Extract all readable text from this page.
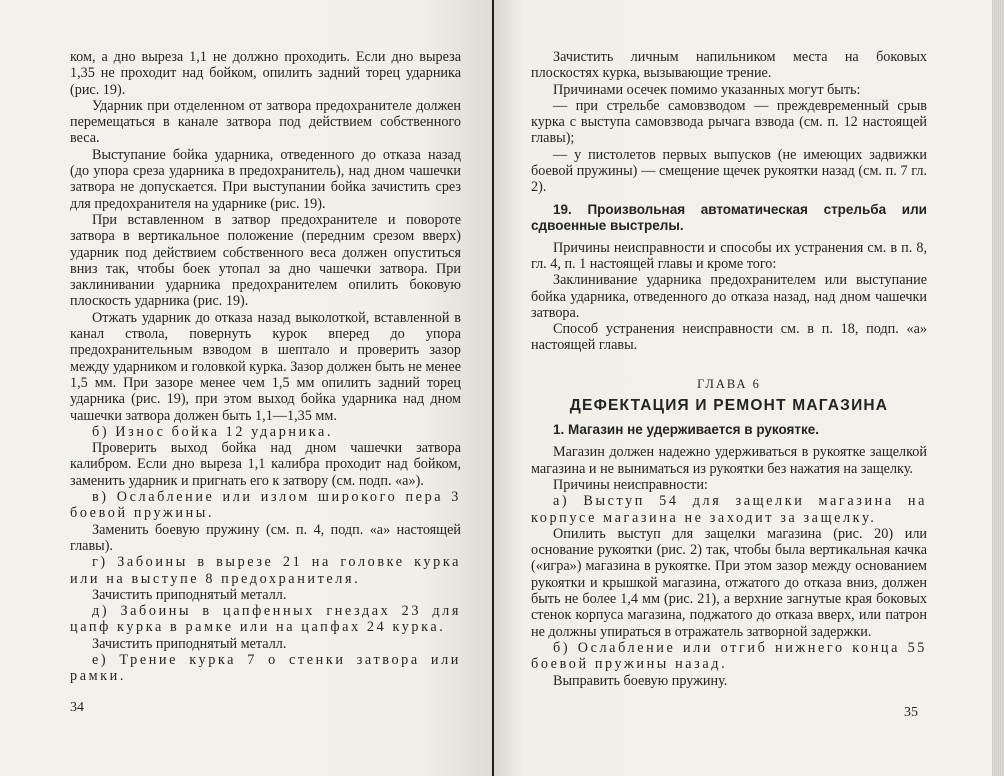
ком, а дно выреза 1,1 не должно проходить. Если дно выреза 1,35 не проходит над бойком, опилить задний торец ударника (рис. 19).

Ударник при отделенном от затвора предохранителе должен перемещаться в канале затвора под действием собственного веса.

Выступание бойка ударника, отведенного до отказа назад (до упора среза ударника в предохранитель), над дном чашечки затвора не допускается. При выступании бойка зачистить срез для предохранителя на ударнике (рис. 19).

При вставленном в затвор предохранителе и повороте затвора в вертикальное положение (передним срезом вверх) ударник под действием собственного веса должен опуститься вниз так, чтобы боек утопал за дно чашечки затвора. При заклинивании ударника предохранителем опилить боковую плоскость ударника (рис. 19).

Отжать ударник до отказа назад выколоткой, вставленной в канал ствола, повернуть курок вперед до упора предохранительным взводом в шептало и проверить зазор между ударником и головкой курка. Зазор должен быть не менее 1,5 мм. При зазоре менее чем 1,5 мм опилить задний торец ударника (рис. 19), при этом выход бойка ударника над дном чашечки затвора должен быть 1,1—1,35 мм.

б) Износ бойка 12 ударника.

Проверить выход бойка над дном чашечки затвора калибром. Если дно выреза 1,1 калибра проходит над бойком, заменить ударник и пригнать его к затвору (см. подп. «а»).

в) Ослабление или излом широкого пера 3 боевой пружины.

Заменить боевую пружину (см. п. 4, подп. «а» настоящей главы).

г) Забоины в вырезе 21 на головке курка или на выступе 8 предохранителя.

Зачистить приподнятый металл.

д) Забоины в цапфенных гнездах 23 для цапф курка в рамке или на цапфах 24 курка.

Зачистить приподнятый металл.

е) Трение курка 7 о стенки затвора или рамки.

34

Зачистить личным напильником места на боковых плоскостях курка, вызывающие трение.

Причинами осечек помимо указанных могут быть:

— при стрельбе самовзводом — преждевременный срыв курка с выступа самовзвода рычага взвода (см. п. 12 настоящей главы);

— у пистолетов первых выпусков (не имеющих задвижки боевой пружины) — смещение щечек рукоятки назад (см. п. 7 гл. 2).

19. Произвольная автоматическая стрельба или сдвоенные выстрелы.

Причины неисправности и способы их устранения см. в п. 8, гл. 4, п. 1 настоящей главы и кроме того:

Заклинивание ударника предохранителем или выступание бойка ударника, отведенного до отказа назад, над дном чашечки затвора.

Способ устранения неисправности см. в п. 18, подп. «а» настоящей главы.

ГЛАВА 6

ДЕФЕКТАЦИЯ И РЕМОНТ МАГАЗИНА

1. Магазин не удерживается в рукоятке.

Магазин должен надежно удерживаться в рукоятке защелкой магазина и не выниматься из рукоятки без нажатия на защелку.

Причины неисправности:

а) Выступ 54 для защелки магазина на корпусе магазина не заходит за защелку.

Опилить выступ для защелки магазина (рис. 20) или основание рукоятки (рис. 2) так, чтобы была вертикальная качка («игра») магазина в рукоятке. При этом зазор между основанием рукоятки и крышкой магазина, отжатого до отказа вниз, должен быть не более 1,4 мм (рис. 21), а верхние загнутые края боковых стенок корпуса магазина, поджатого до отказа вверх, или патрон не должны упираться в отражатель затворной задержки.

б) Ослабление или отгиб нижнего конца 55 боевой пружины назад.

Выправить боевую пружину.

35
